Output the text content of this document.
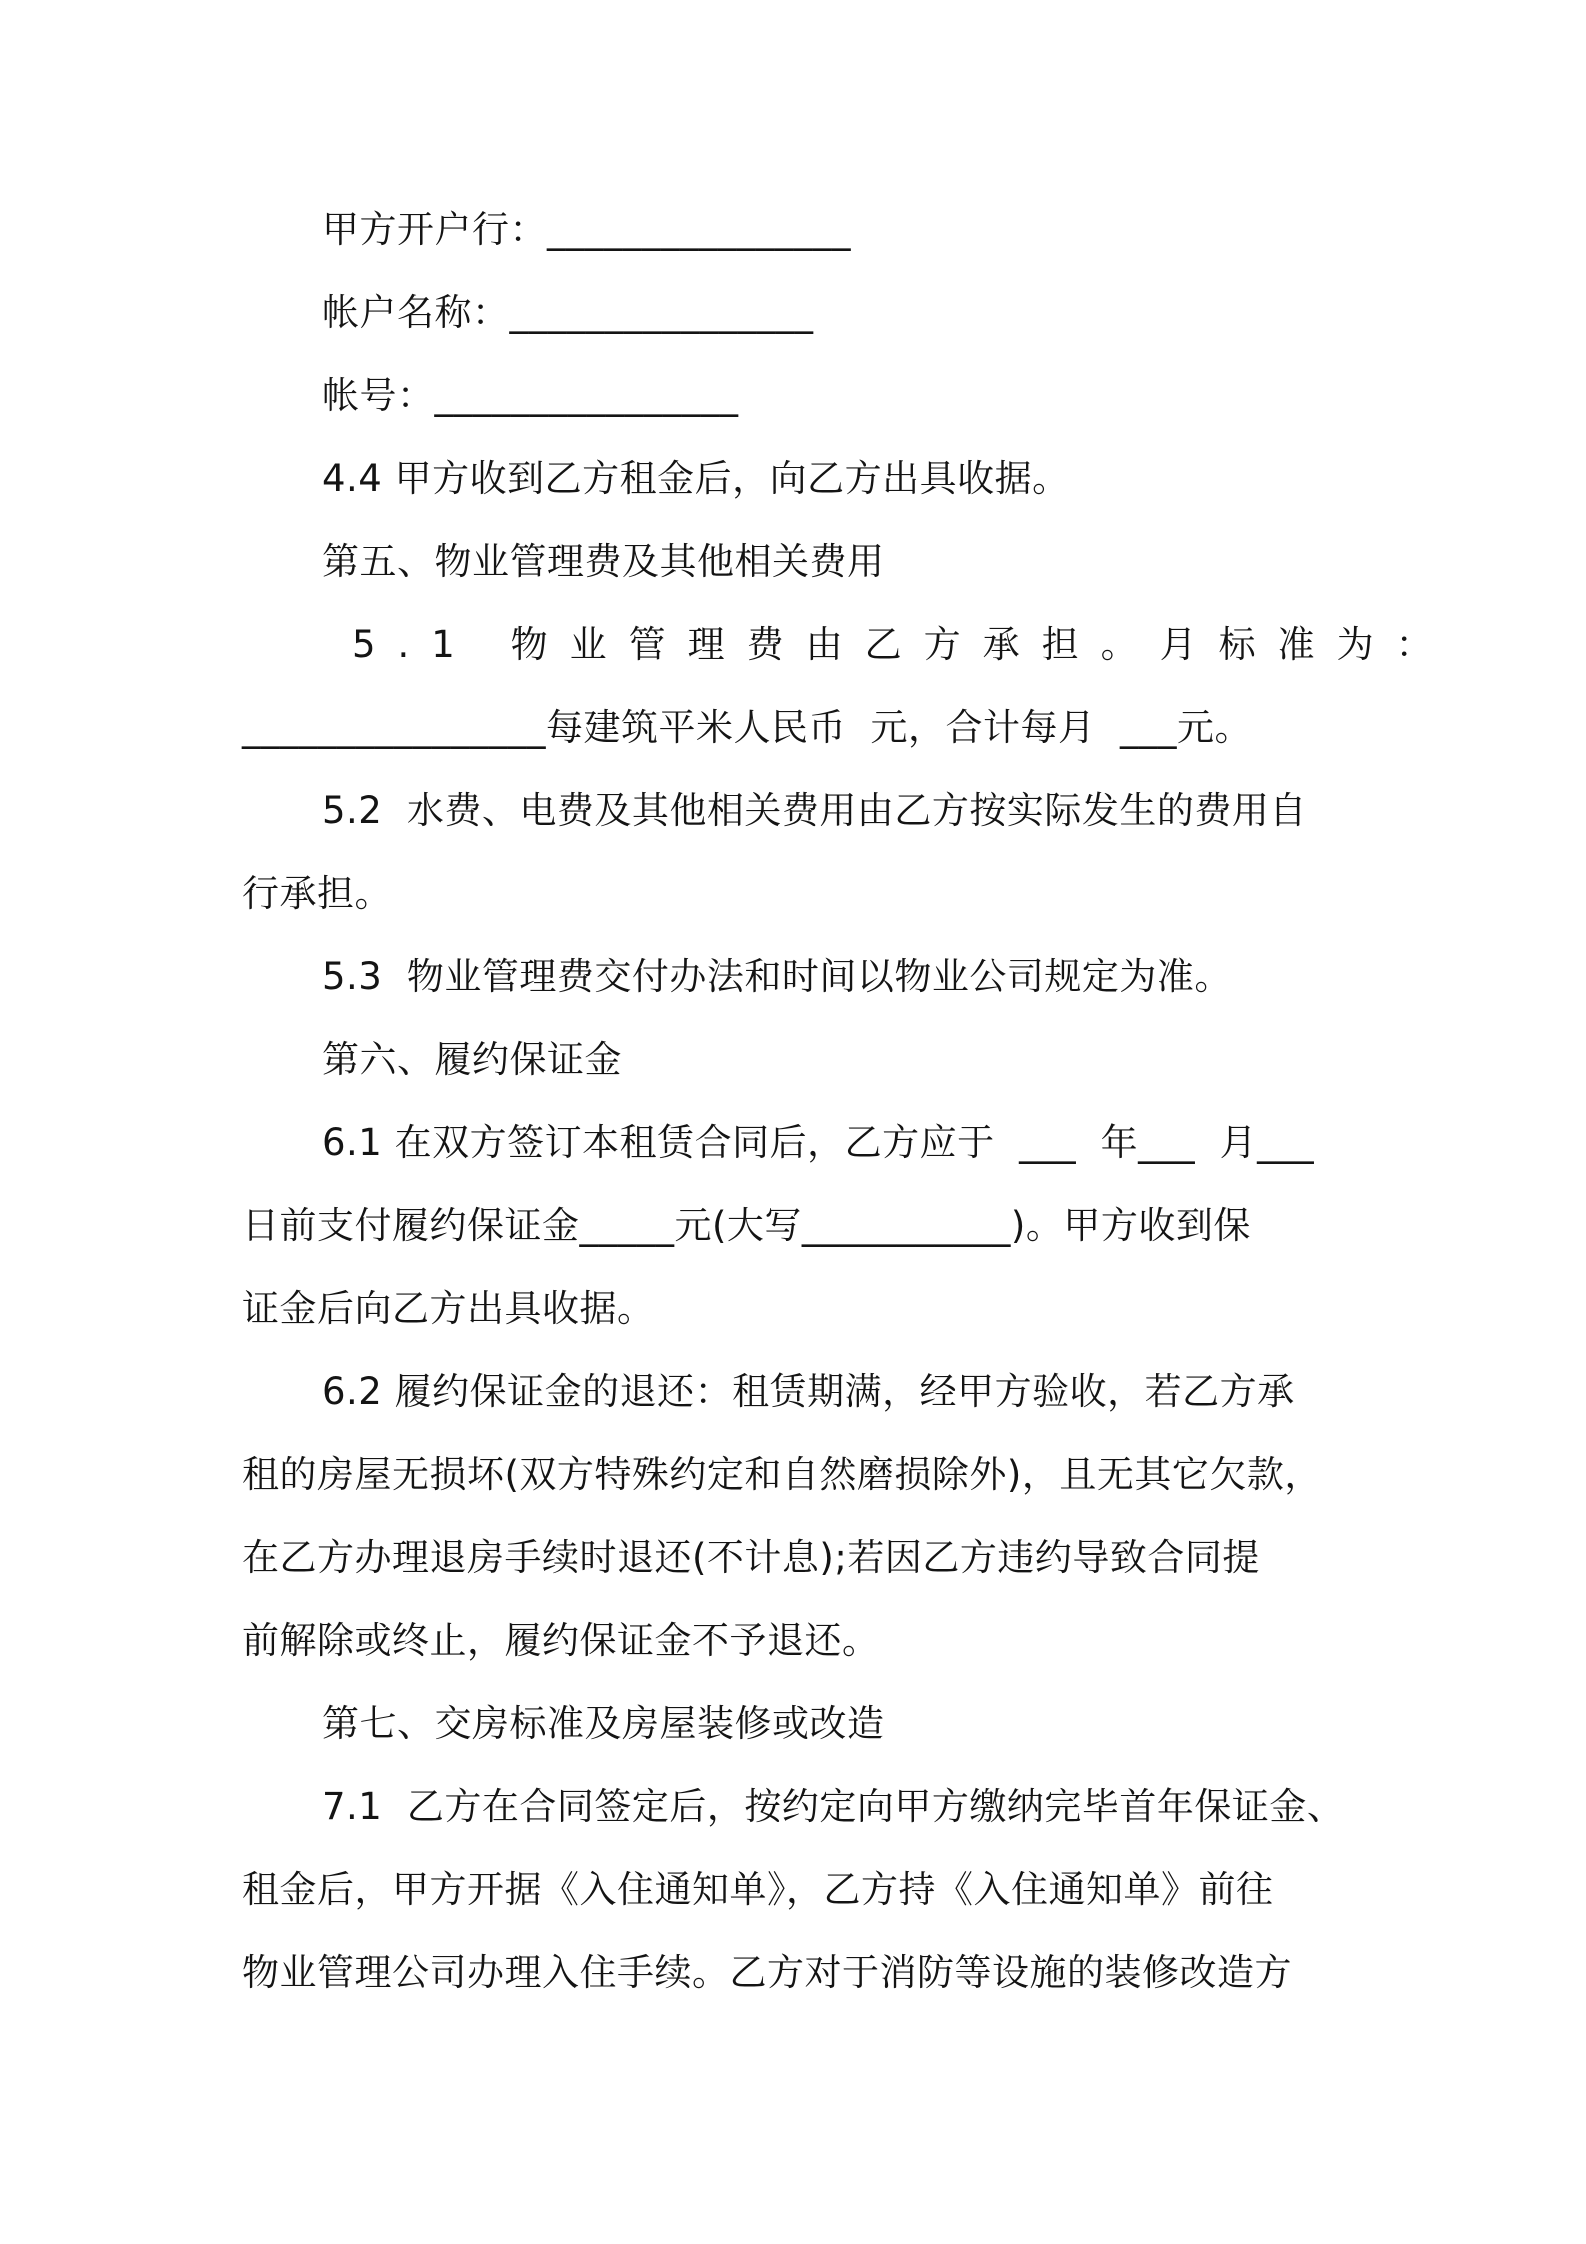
甲方开户行：________________
帐户名称：________________
帐号：________________
4.4 甲方收到乙方租金后，向乙方出具收据。
第五、物业管理费及其他相关费用
5.1 物业管理费由乙方承担。月标准为：
________________每建筑平米人民币  元，合计每月  ___元。
5.2  水费、电费及其他相关费用由乙方按实际发生的费用自
行承担。
5.3  物业管理费交付办法和时间以物业公司规定为准。
第六、履约保证金
6.1 在双方签订本租赁合同后，乙方应于  ___  年___  月___
日前支付履约保证金_____元(大写___________)。甲方收到保
证金后向乙方出具收据。
6.2 履约保证金的退还：租赁期满，经甲方验收，若乙方承
租的房屋无损坏(双方特殊约定和自然磨损除外)，且无其它欠款，
在乙方办理退房手续时退还(不计息);若因乙方违约导致合同提
前解除或终止，履约保证金不予退还。
第七、交房标准及房屋装修或改造
7.1  乙方在合同签定后，按约定向甲方缴纳完毕首年保证金、
租金后，甲方开据《入住通知单》，乙方持《入住通知单》前往
物业管理公司办理入住手续。乙方对于消防等设施的装修改造方
